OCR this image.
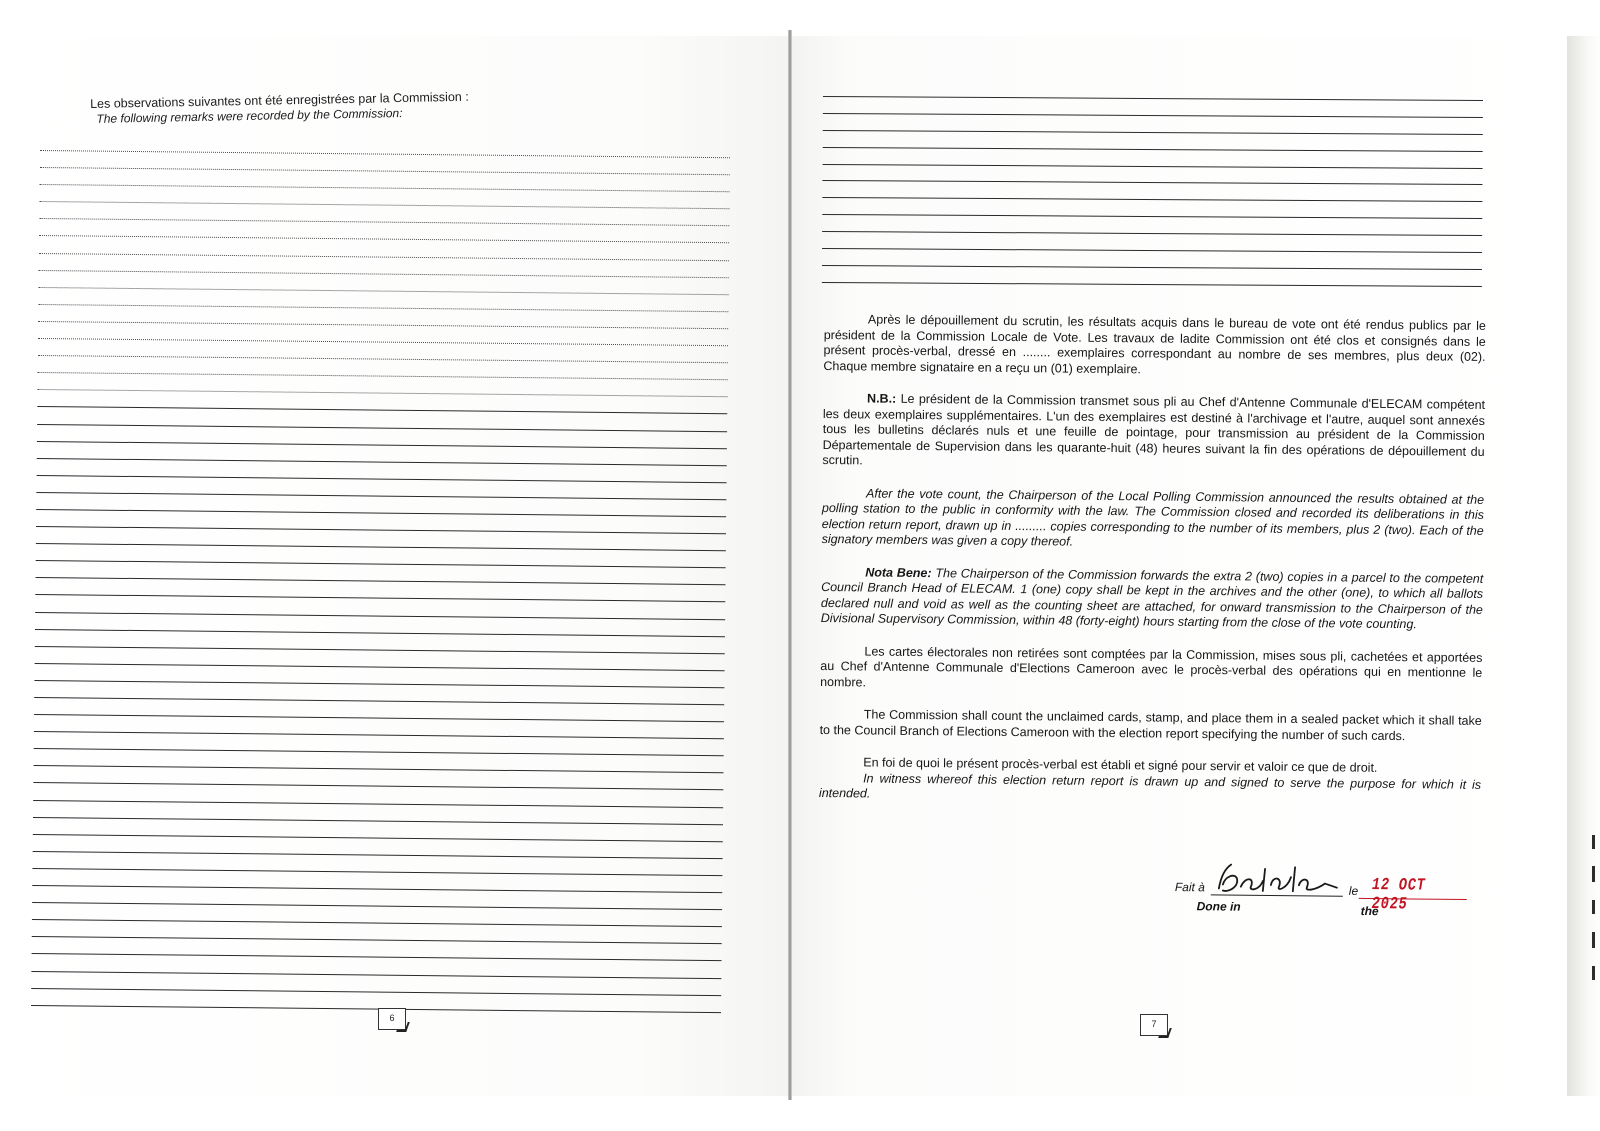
Les observations suivantes ont été enregistrées par la Commission :

The following remarks were recorded by the Commission:

6

Après le dépouillement du scrutin, les résultats acquis dans le bureau de vote ont été rendus publics par le président de la Commission Locale de Vote. Les travaux de ladite Commission ont été clos et consignés dans le présent procès-verbal, dressé en ........ exemplaires correspondant au nombre de ses membres, plus deux (02). Chaque membre signataire en a reçu un (01) exemplaire.

N.B.: Le président de la Commission transmet sous pli au Chef d'Antenne Communale d'ELECAM compétent les deux exemplaires supplémentaires. L'un des exemplaires est destiné à l'archivage et l'autre, auquel sont annexés tous les bulletins déclarés nuls et une feuille de pointage, pour transmission au président de la Commission Départementale de Supervision dans les quarante-huit (48) heures suivant la fin des opérations de dépouillement du scrutin.

After the vote count, the Chairperson of the Local Polling Commission announced the results obtained at the polling station to the public in conformity with the law. The Commission closed and recorded its deliberations in this election return report, drawn up in ......... copies corresponding to the number of its members, plus 2 (two). Each of the signatory members was given a copy thereof.

Nota Bene: The Chairperson of the Commission forwards the extra 2 (two) copies in a parcel to the competent Council Branch Head of ELECAM. 1 (one) copy shall be kept in the archives and the other (one), to which all ballots declared null and void as well as the counting sheet are attached, for onward transmission to the Chairperson of the Divisional Supervisory Commission, within 48 (forty-eight) hours starting from the close of the vote counting.

Les cartes électorales non retirées sont comptées par la Commission, mises sous pli, cachetées et apportées au Chef d'Antenne Communale d'Elections Cameroon avec le procès-verbal des opérations qui en mentionne le nombre.

The Commission shall count the unclaimed cards, stamp, and place them in a sealed packet which it shall take to the Council Branch of Elections Cameroon with the election report specifying the number of such cards.

En foi de quoi le présent procès-verbal est établi et signé pour servir et valoir ce que de droit.

In witness whereof this election return report is drawn up and signed to serve the purpose for which it is intended.

Fait à
Done in
le
the
12 OCT 2025
7
